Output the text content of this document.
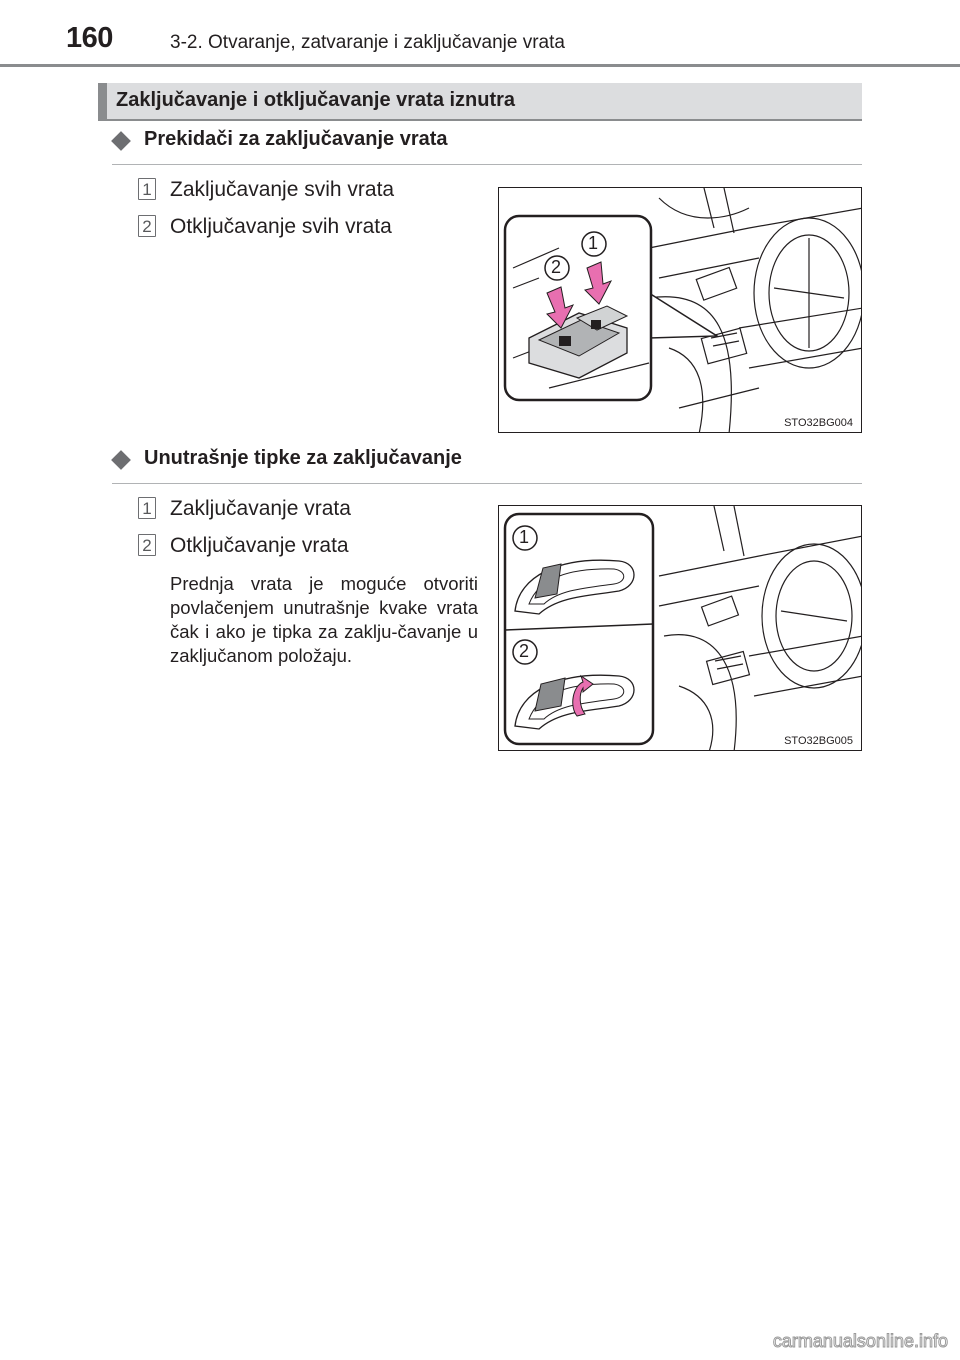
160	3-2. Otvaranje, zatvaranje i zaključavanje vrata
Zaključavanje i otključavanje vrata iznutra
Prekidači za zaključavanje vrata
1 Zaključavanje svih vrata
2 Otključavanje svih vrata
1
2
STO32BG004
Unutrašnje tipke za zaključavanje
1 Zaključavanje vrata
2 Otključavanje vrata
Prednja vrata je moguće otvoriti povlačenjem unutrašnje kvake vrata čak i ako je tipka za zaklju-čavanje u zaključanom položaju.
1
2
STO32BG005
carmanualsonline.info
